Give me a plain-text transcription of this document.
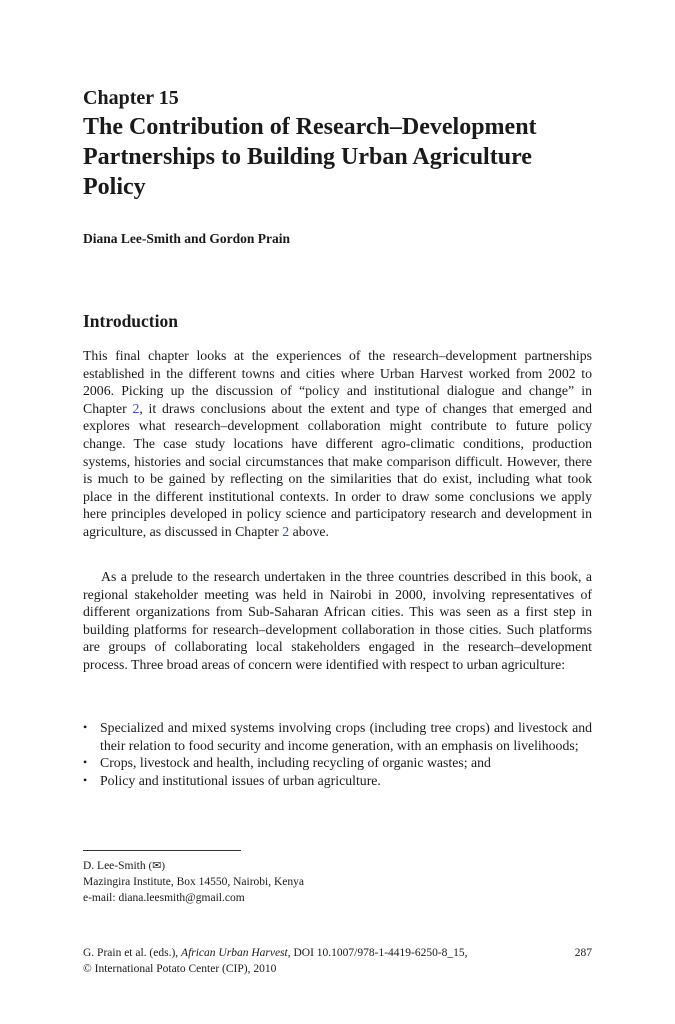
Chapter 15
The Contribution of Research–Development
Partnerships to Building Urban Agriculture
Policy
Diana Lee-Smith and Gordon Prain
Introduction

This final chapter looks at the experiences of the research–development partnerships established in the different towns and cities where Urban Harvest worked from 2002 to 2006. Picking up the discussion of “policy and institutional dialogue and change” in Chapter 2, it draws conclusions about the extent and type of changes that emerged and explores what research–development collaboration might contribute to future policy change. The case study locations have different agro-climatic conditions, production systems, histories and social circumstances that make comparison difficult. However, there is much to be gained by reflecting on the similarities that do exist, including what took place in the different institutional contexts. In order to draw some conclusions we apply here principles developed in policy science and participatory research and development in agriculture, as discussed in Chapter 2 above.

As a prelude to the research undertaken in the three countries described in this book, a regional stakeholder meeting was held in Nairobi in 2000, involving representatives of different organizations from Sub-Saharan African cities. This was seen as a first step in building platforms for research–development collaboration in those cities. Such platforms are groups of collaborating local stakeholders engaged in the research–development process. Three broad areas of concern were identified with respect to urban agriculture:

• Specialized and mixed systems involving crops (including tree crops) and livestock and their relation to food security and income generation, with an emphasis on livelihoods;
• Crops, livestock and health, including recycling of organic wastes; and
• Policy and institutional issues of urban agriculture.
D. Lee-Smith (✉)
Mazingira Institute, Box 14550, Nairobi, Kenya
e-mail: diana.leesmith@gmail.com
G. Prain et al. (eds.), African Urban Harvest, DOI 10.1007/978-1-4419-6250-8_15,
© International Potato Center (CIP), 2010
287
